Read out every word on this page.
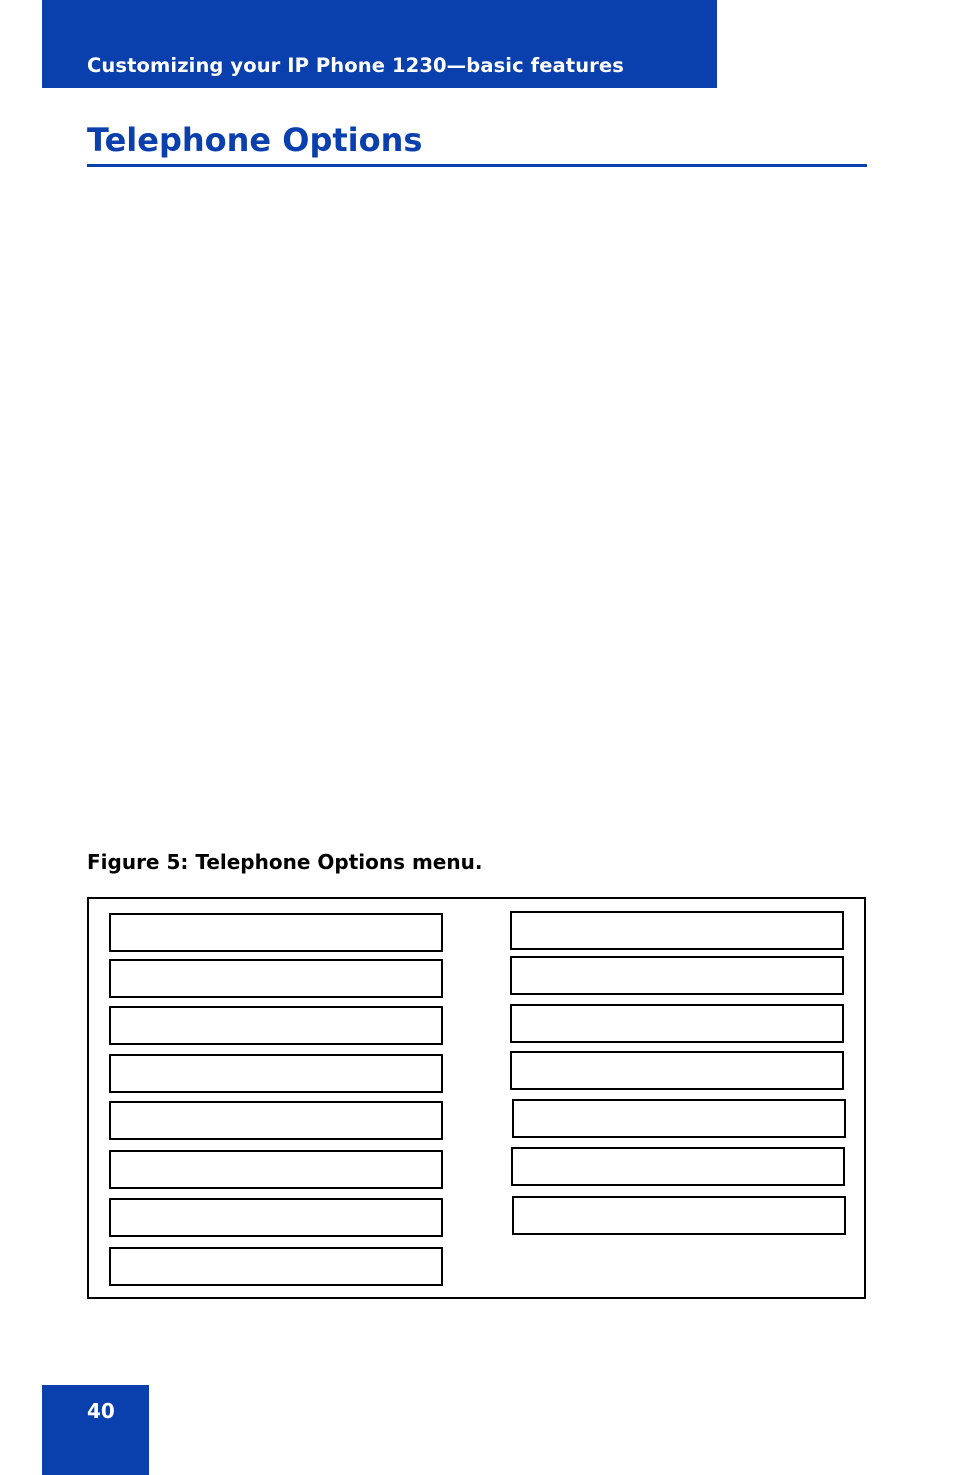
Customizing your IP Phone 1230—basic features
Telephone Options
Figure 5: Telephone Options menu.
40
